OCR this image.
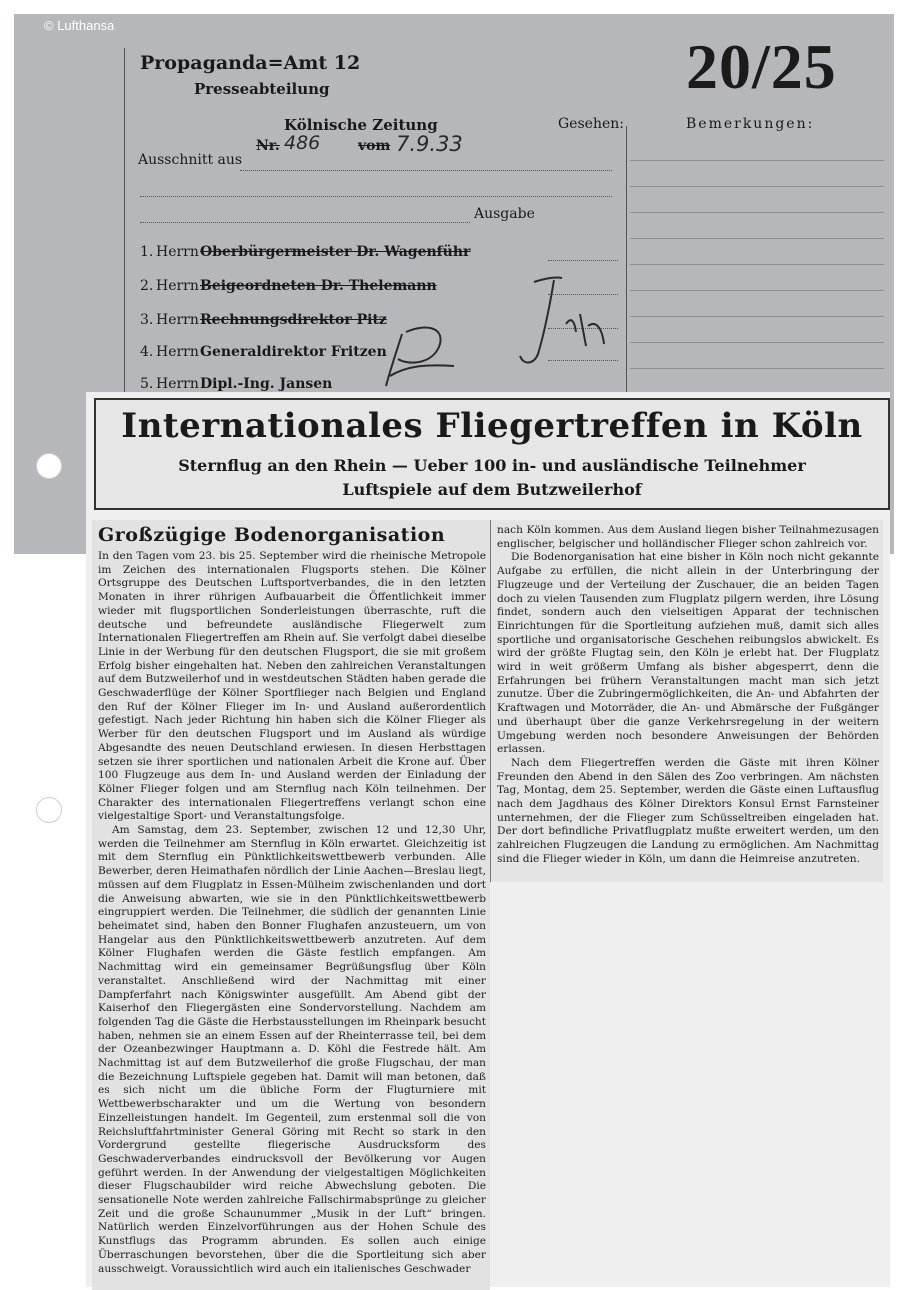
Propaganda=Amt 12
Presseabteilung
Kölnische Zeitung
Ausschnitt aus
Nr. 486	vom 7.9.33
Ausgabe
Gesehen:	Bemerkungen:
20/25
1. Herrn Oberbürgermeister Dr. Wagenführ
2. Herrn Beigeordneten Dr. Thelemann
3. Herrn Rechnungsdirektor Pitz
4. Herrn Generaldirektor Fritzen
5. Herrn Dipl.-Ing. Jansen
© Lufthansa
Internationales Fliegertreffen in Köln
Sternflug an den Rhein — Ueber 100 in- und ausländische Teilnehmer
Luftspiele auf dem Butzweilerhof
Großzügige Bodenorganisation

In den Tagen vom 23. bis 25. September wird die rheinische Metropole im Zeichen des internationalen Flugsports stehen. Die Kölner Ortsgruppe des Deutschen Luftsportverbandes, die in den letzten Monaten in ihrer rührigen Aufbauarbeit die Öffentlichkeit immer wieder mit flugsportlichen Sonderleistungen überraschte, ruft die deutsche und befreundete ausländische Fliegerwelt zum Internationalen Fliegertreffen am Rhein auf. Sie verfolgt dabei dieselbe Linie in der Werbung für den deutschen Flugsport, die sie mit großem Erfolg bisher eingehalten hat. Neben den zahlreichen Veranstaltungen auf dem Butzweilerhof und in westdeutschen Städten haben gerade die Geschwaderflüge der Kölner Sportflieger nach Belgien und England den Ruf der Kölner Flieger im In- und Ausland außerordentlich gefestigt. Nach jeder Richtung hin haben sich die Kölner Flieger als Werber für den deutschen Flugsport und im Ausland als würdige Abgesandte des neuen Deutschland erwiesen. In diesen Herbsttagen setzen sie ihrer sportlichen und nationalen Arbeit die Krone auf. Über 100 Flugzeuge aus dem In- und Ausland werden der Einladung der Kölner Flieger folgen und am Sternflug nach Köln teilnehmen. Der Charakter des internationalen Fliegertreffens verlangt schon eine vielgestaltige Sport- und Veranstaltungsfolge.

Am Samstag, dem 23. September, zwischen 12 und 12,30 Uhr, werden die Teilnehmer am Sternflug in Köln erwartet. Gleichzeitig ist mit dem Sternflug ein Pünktlichkeitswettbewerb verbunden. Alle Bewerber, deren Heimathafen nördlich der Linie Aachen—Breslau liegt, müssen auf dem Flugplatz in Essen-Mülheim zwischenlanden und dort die Anweisung abwarten, wie sie in den Pünktlichkeitswettbewerb eingruppiert werden. Die Teilnehmer, die südlich der genannten Linie beheimatet sind, haben den Bonner Flughafen anzusteuern, um von Hangelar aus den Pünktlichkeitswettbewerb anzutreten. Auf dem Kölner Flughafen werden die Gäste festlich empfangen. Am Nachmittag wird ein gemeinsamer Begrüßungsflug über Köln veranstaltet. Anschließend wird der Nachmittag mit einer Dampferfahrt nach Königswinter ausgefüllt. Am Abend gibt der Kaiserhof den Fliegergästen eine Sondervorstellung. Nachdem am folgenden Tag die Gäste die Herbstausstellungen im Rheinpark besucht haben, nehmen sie an einem Essen auf der Rheinterrasse teil, bei dem der Ozeanbezwinger Hauptmann a. D. Köhl die Festrede hält. Am Nachmittag ist auf dem Butzweilerhof die große Flugschau, der man die Bezeichnung Luftspiele gegeben hat. Damit will man betonen, daß es sich nicht um die übliche Form der Flugturniere mit Wettbewerbscharakter und um die Wertung von besondern Einzelleistungen handelt. Im Gegenteil, zum erstenmal soll die von Reichsluftfahrtminister General Göring mit Recht so stark in den Vordergrund gestellte fliegerische Ausdrucksform des Geschwaderverbandes eindrucksvoll der Bevölkerung vor Augen geführt werden. In der Anwendung der vielgestaltigen Möglichkeiten dieser Flugschaubilder wird reiche Abwechslung geboten. Die sensationelle Note werden zahlreiche Fallschirmabsprünge zu gleicher Zeit und die große Schaunummer „Musik in der Luft“ bringen. Natürlich werden Einzelvorführungen aus der Hohen Schule des Kunstflugs das Programm abrunden. Es sollen auch einige Überraschungen bevorstehen, über die die Sportleitung sich aber ausschweigt. Voraussichtlich wird auch ein italienisches Geschwader

nach Köln kommen. Aus dem Ausland liegen bisher Teilnahmezusagen englischer, belgischer und holländischer Flieger schon zahlreich vor.

Die Bodenorganisation hat eine bisher in Köln noch nicht gekannte Aufgabe zu erfüllen, die nicht allein in der Unterbringung der Flugzeuge und der Verteilung der Zuschauer, die an beiden Tagen doch zu vielen Tausenden zum Flugplatz pilgern werden, ihre Lösung findet, sondern auch den vielseitigen Apparat der technischen Einrichtungen für die Sportleitung aufziehen muß, damit sich alles sportliche und organisatorische Geschehen reibungslos abwickelt. Es wird der größte Flugtag sein, den Köln je erlebt hat. Der Flugplatz wird in weit größerm Umfang als bisher abgesperrt, denn die Erfahrungen bei frühern Veranstaltungen macht man sich jetzt zunutze. Über die Zubringermöglichkeiten, die An- und Abfahrten der Kraftwagen und Motorräder, die An- und Abmärsche der Fußgänger und überhaupt über die ganze Verkehrsregelung in der weitern Umgebung werden noch besondere Anweisungen der Behörden erlassen.

Nach dem Fliegertreffen werden die Gäste mit ihren Kölner Freunden den Abend in den Sälen des Zoo verbringen. Am nächsten Tag, Montag, dem 25. September, werden die Gäste einen Luftausflug nach dem Jagdhaus des Kölner Direktors Konsul Ernst Farnsteiner unternehmen, der die Flieger zum Schüsseltreiben eingeladen hat. Der dort befindliche Privatflugplatz mußte erweitert werden, um den zahlreichen Flugzeugen die Landung zu ermöglichen. Am Nachmittag sind die Flieger wieder in Köln, um dann die Heimreise anzutreten.
